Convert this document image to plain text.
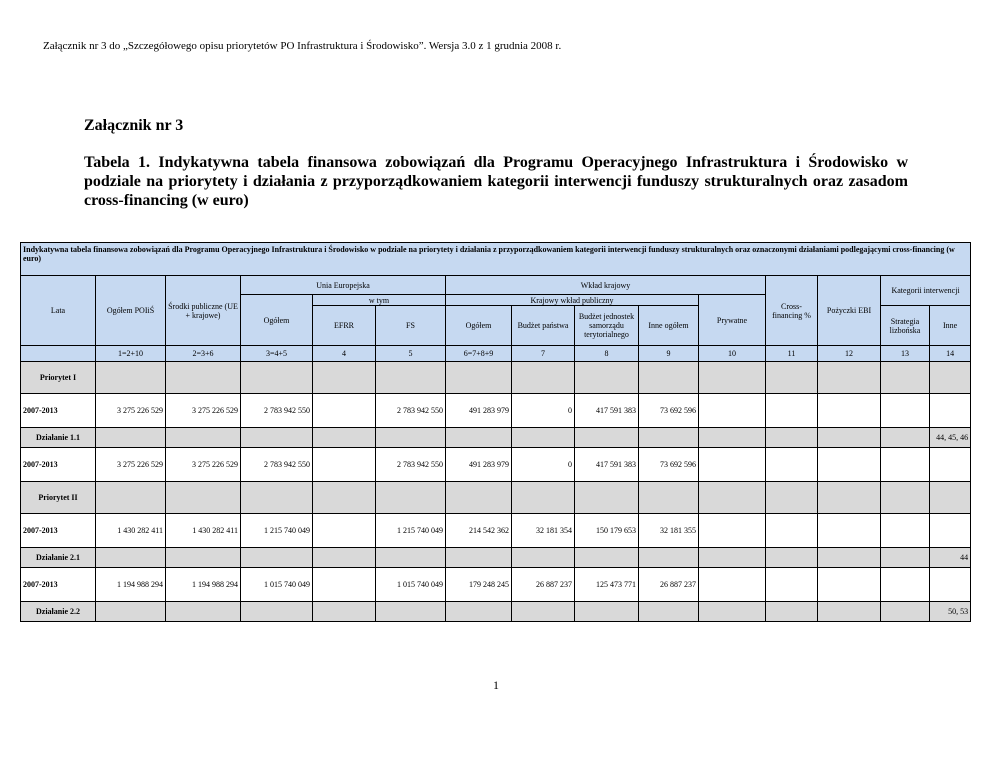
Załącznik nr 3 do „Szczegółowego opisu priorytetów PO Infrastruktura i Środowisko”. Wersja 3.0 z 1 grudnia 2008 r.
Załącznik nr 3
Tabela 1. Indykatywna tabela finansowa zobowiązań dla Programu Operacyjnego Infrastruktura i Środowisko w podziale na priorytety i działania z przyporządkowaniem kategorii interwencji funduszy strukturalnych oraz zasadom cross-financing (w euro)
Indykatywna tabela finansowa zobowiązań dla Programu Operacyjnego Infrastruktura i Środowisko w podziale na priorytety i działania z przyporządkowaniem kategorii interwencji funduszy strukturalnych oraz oznaczonymi działaniami podlegającymi cross-financing (w euro)														
Lata	Ogółem POIiŚ	Środki publiczne (UE + krajowe)	Unia Europejska			Wkład krajowy					Cross-financing %	Pożyczki EBI	Kategorii interwencji	
			Ogółem	w tym		Krajowy wkład publiczny				Prywatne				
				EFRR	FS	Ogółem	Budżet państwa	Budżet jednostek samorządu terytorialnego	Inne ogółem				Strategia lizbońska	Inne

	1=2+10	2=3+6	3=4+5	4	5	6=7+8+9	7	8	9	10	11	12	13	14
Priorytet I														
2007-2013	3 275 226 529	3 275 226 529	2 783 942 550		2 783 942 550	491 283 979	0	417 591 383	73 692 596					
Działanie 1.1														44, 45, 46
2007-2013	3 275 226 529	3 275 226 529	2 783 942 550		2 783 942 550	491 283 979	0	417 591 383	73 692 596					
Priorytet II														
2007-2013	1 430 282 411	1 430 282 411	1 215 740 049		1 215 740 049	214 542 362	32 181 354	150 179 653	32 181 355					
Działanie 2.1														44
2007-2013	1 194 988 294	1 194 988 294	1 015 740 049		1 015 740 049	179 248 245	26 887 237	125 473 771	26 887 237					
Działanie 2.2														50, 53
1
